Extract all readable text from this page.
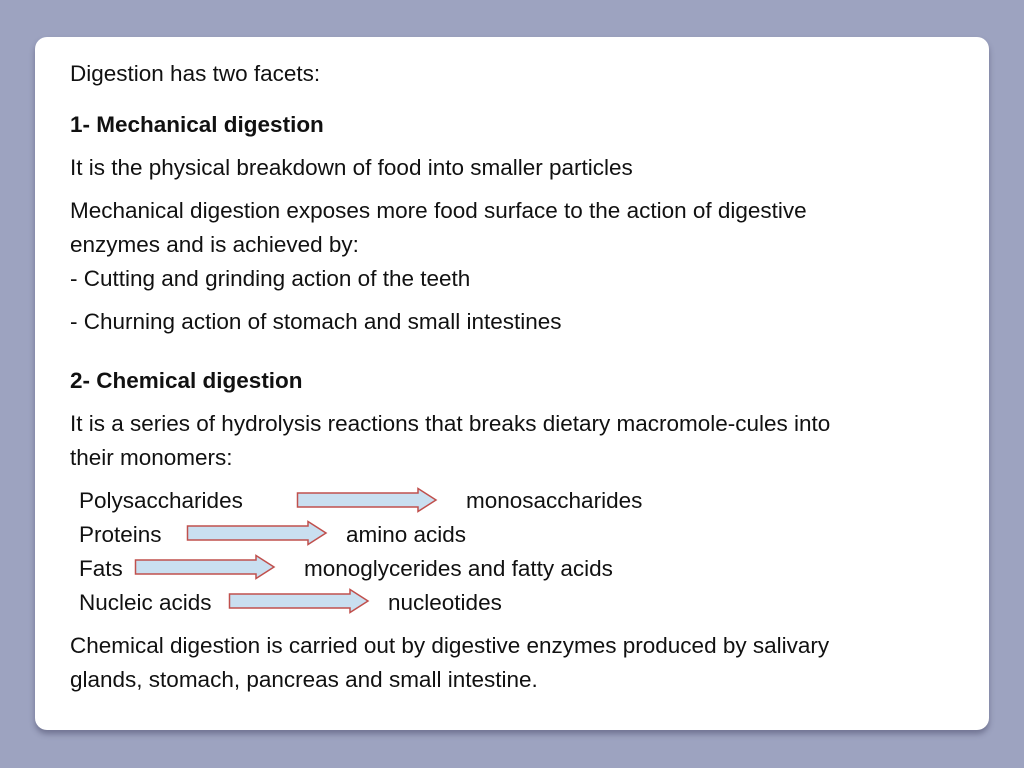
Digestion has two facets:

1- Mechanical digestion

It is the physical breakdown of food into smaller particles

Mechanical digestion exposes more food surface to the action of digestive

enzymes and is achieved by:

- Cutting and grinding action of the teeth

- Churning action of stomach and small intestines

2- Chemical digestion

It is a series of hydrolysis reactions that breaks dietary macromole-cules into

their monomers:

Polysaccharides	monosaccharides

Proteins	amino acids

Fats	monoglycerides and fatty acids

Nucleic acids	nucleotides

Chemical digestion is carried out by digestive enzymes produced by salivary

glands, stomach, pancreas and small intestine.
